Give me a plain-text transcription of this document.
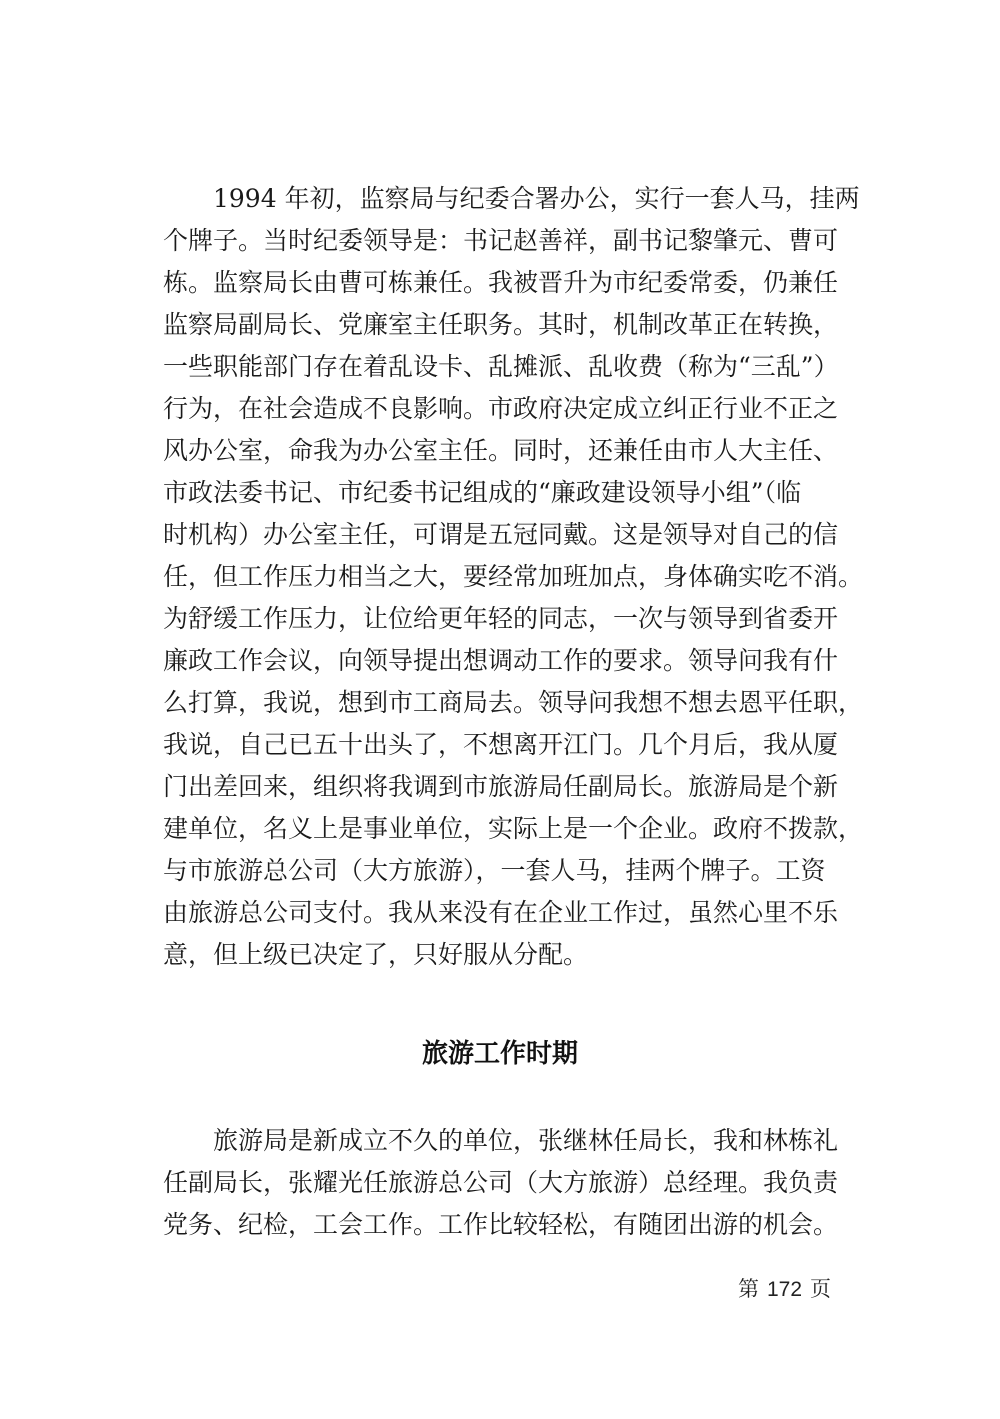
1994 年初，监察局与纪委合署办公，实行一套人马，挂两
个牌子。当时纪委领导是：书记赵善祥，副书记黎肇元、曹可
栋。监察局长由曹可栋兼任。我被晋升为市纪委常委，仍兼任
监察局副局长、党廉室主任职务。其时，机制改革正在转换，
一些职能部门存在着乱设卡、乱摊派、乱收费（称为“三乱”）
行为，在社会造成不良影响。市政府决定成立纠正行业不正之
风办公室，命我为办公室主任。同时，还兼任由市人大主任、
市政法委书记、市纪委书记组成的“廉政建设领导小组”（临
时机构）办公室主任，可谓是五冠同戴。这是领导对自己的信
任，但工作压力相当之大，要经常加班加点，身体确实吃不消。
为舒缓工作压力，让位给更年轻的同志，一次与领导到省委开
廉政工作会议，向领导提出想调动工作的要求。领导问我有什
么打算，我说，想到市工商局去。领导问我想不想去恩平任职，
我说，自己已五十出头了，不想离开江门。几个月后，我从厦
门出差回来，组织将我调到市旅游局任副局长。旅游局是个新
建单位，名义上是事业单位，实际上是一个企业。政府不拨款，
与市旅游总公司（大方旅游），一套人马，挂两个牌子。工资
由旅游总公司支付。我从来没有在企业工作过，虽然心里不乐
意，但上级已决定了，只好服从分配。
旅游工作时期
旅游局是新成立不久的单位，张继林任局长，我和林栋礼
任副局长，张耀光任旅游总公司（大方旅游）总经理。我负责
党务、纪检，工会工作。工作比较轻松，有随团出游的机会。
第 172 页
